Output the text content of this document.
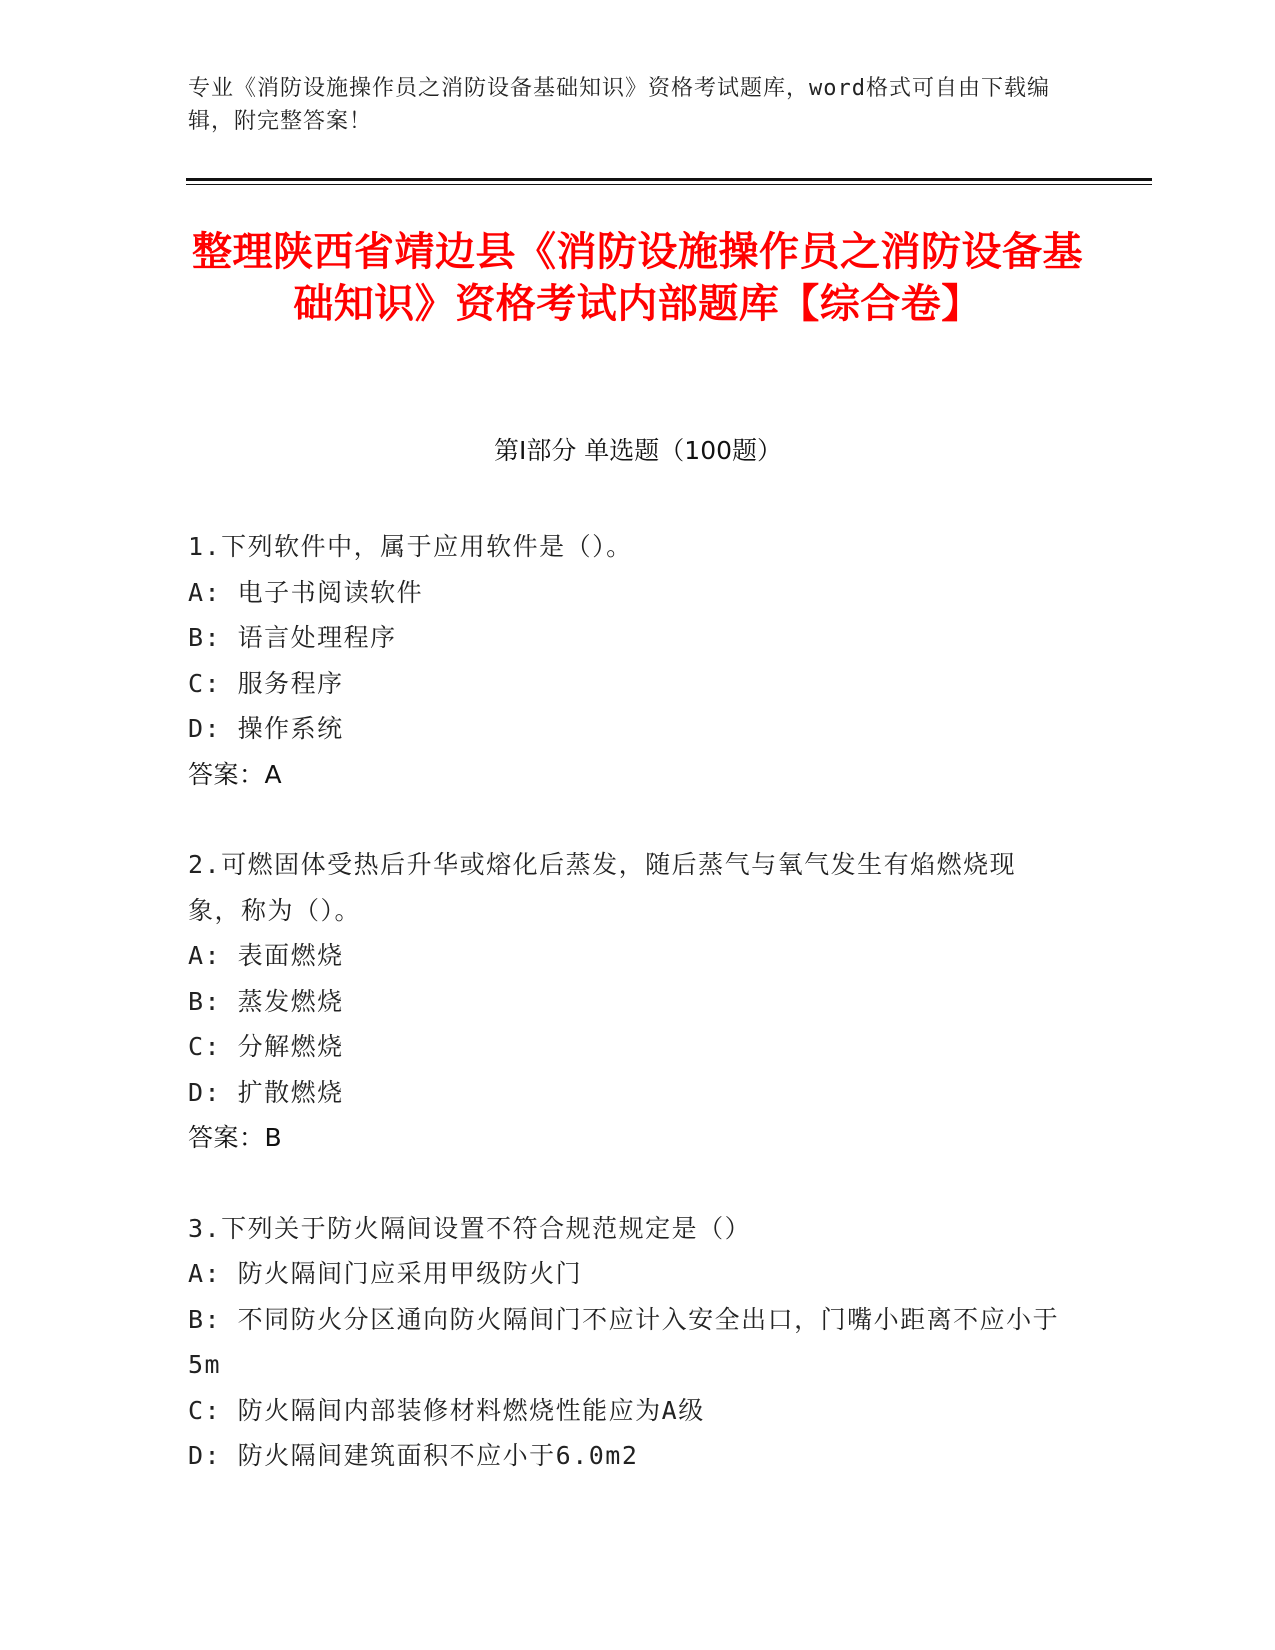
专业《消防设施操作员之消防设备基础知识》资格考试题库，word格式可自由下载编辑，附完整答案！
整理陕西省靖边县《消防设施操作员之消防设备基础知识》资格考试内部题库【综合卷】
第I部分 单选题（100题）

1.下列软件中，属于应用软件是（）。

A: 电子书阅读软件

B: 语言处理程序

C: 服务程序

D: 操作系统

答案：A

2.可燃固体受热后升华或熔化后蒸发，随后蒸气与氧气发生有焰燃烧现象，称为（）。

A: 表面燃烧

B: 蒸发燃烧

C: 分解燃烧

D: 扩散燃烧

答案：B

3.下列关于防火隔间设置不符合规范规定是（）

A: 防火隔间门应采用甲级防火门

B: 不同防火分区通向防火隔间门不应计入安全出口，门嘴小距离不应小于5m

C: 防火隔间内部装修材料燃烧性能应为A级

D: 防火隔间建筑面积不应小于6.0m2
